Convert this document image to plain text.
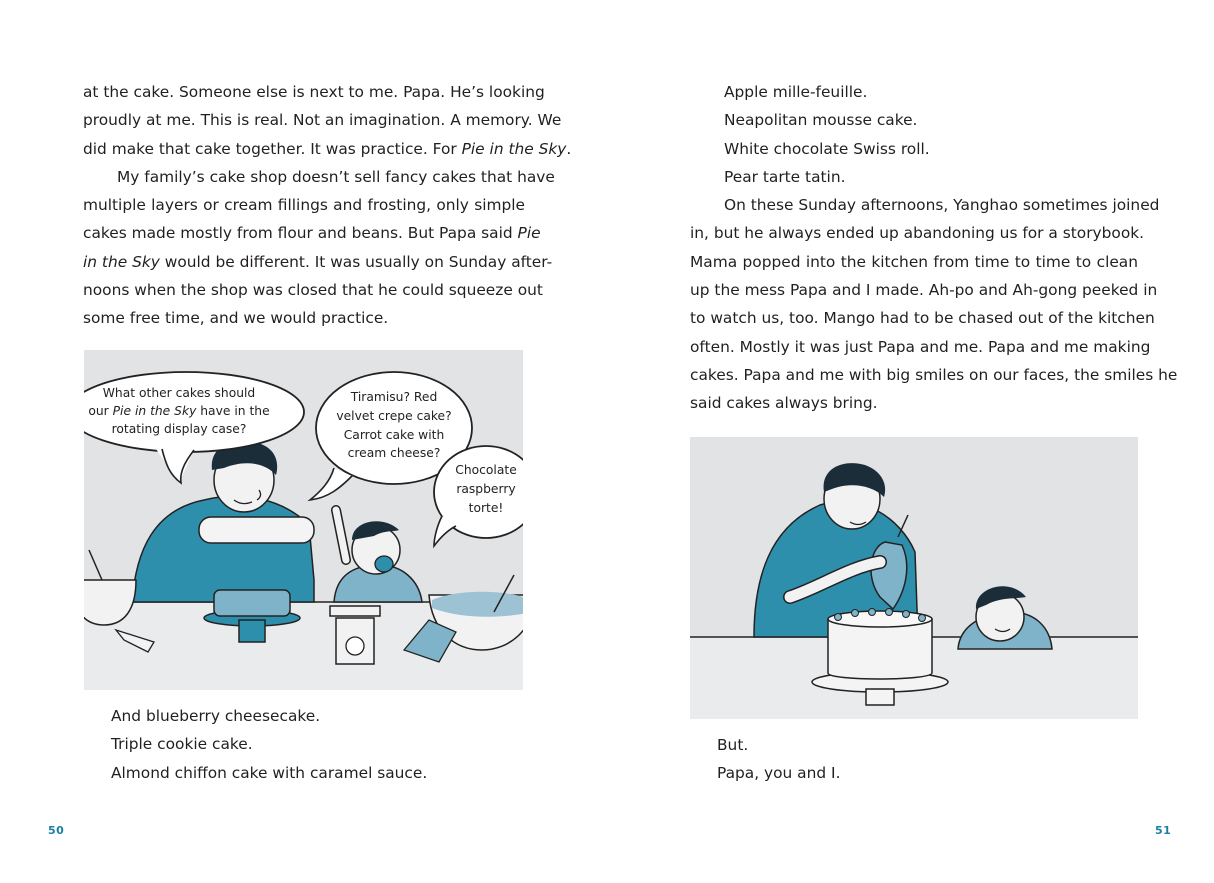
at the cake. Someone else is next to me. Papa. He’s looking
proudly at me. This is real. Not an imagination. A memory. We
did make that cake together. It was practice. For Pie in the Sky.
My family’s cake shop doesn’t sell fancy cakes that have
multiple layers or cream fillings and frosting, only simple
cakes made mostly from flour and beans. But Papa said Pie
in the Sky would be different. It was usually on Sunday after-
noons when the shop was closed that he could squeeze out
some free time, and we would practice.
What other cakes should
our Pie in the Sky have in the
rotating display case?
Tiramisu? Red
velvet crepe cake?
Carrot cake with
cream cheese?
Chocolate
raspberry
torte!
And blueberry cheesecake.
Triple cookie cake.
Almond chiffon cake with caramel sauce.
50
Apple mille-feuille.
Neapolitan mousse cake.
White chocolate Swiss roll.
Pear tarte tatin.
On these Sunday afternoons, Yanghao sometimes joined
in, but he always ended up abandoning us for a storybook.
Mama popped into the kitchen from time to time to clean
up the mess Papa and I made. Ah-po and Ah-gong peeked in
to watch us, too. Mango had to be chased out of the kitchen
often. Mostly it was just Papa and me. Papa and me making
cakes. Papa and me with big smiles on our faces, the smiles he
said cakes always bring.
But.
Papa, you and I.
51
